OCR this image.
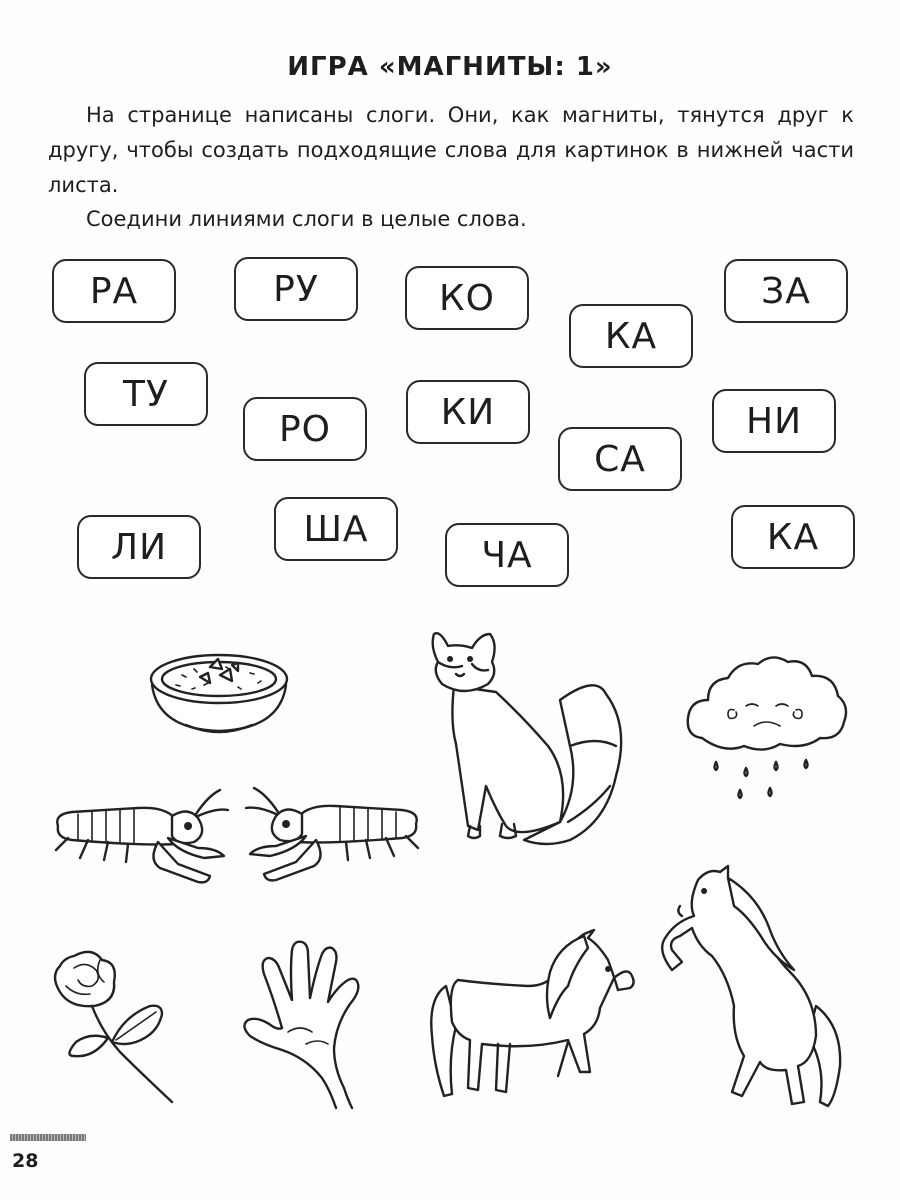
ИГРА «МАГНИТЫ: 1»

На странице написаны слоги. Они, как магниты, тянутся друг к другу, чтобы создать подходящие слова для картинок в нижней части листа.

Соедини линиями слоги в целые слова.

РА	РУ	КО
КА
ЗА
ТУ
РО	КИ
СА
НИ
ЛИ	ША
ЧА	КА
28
